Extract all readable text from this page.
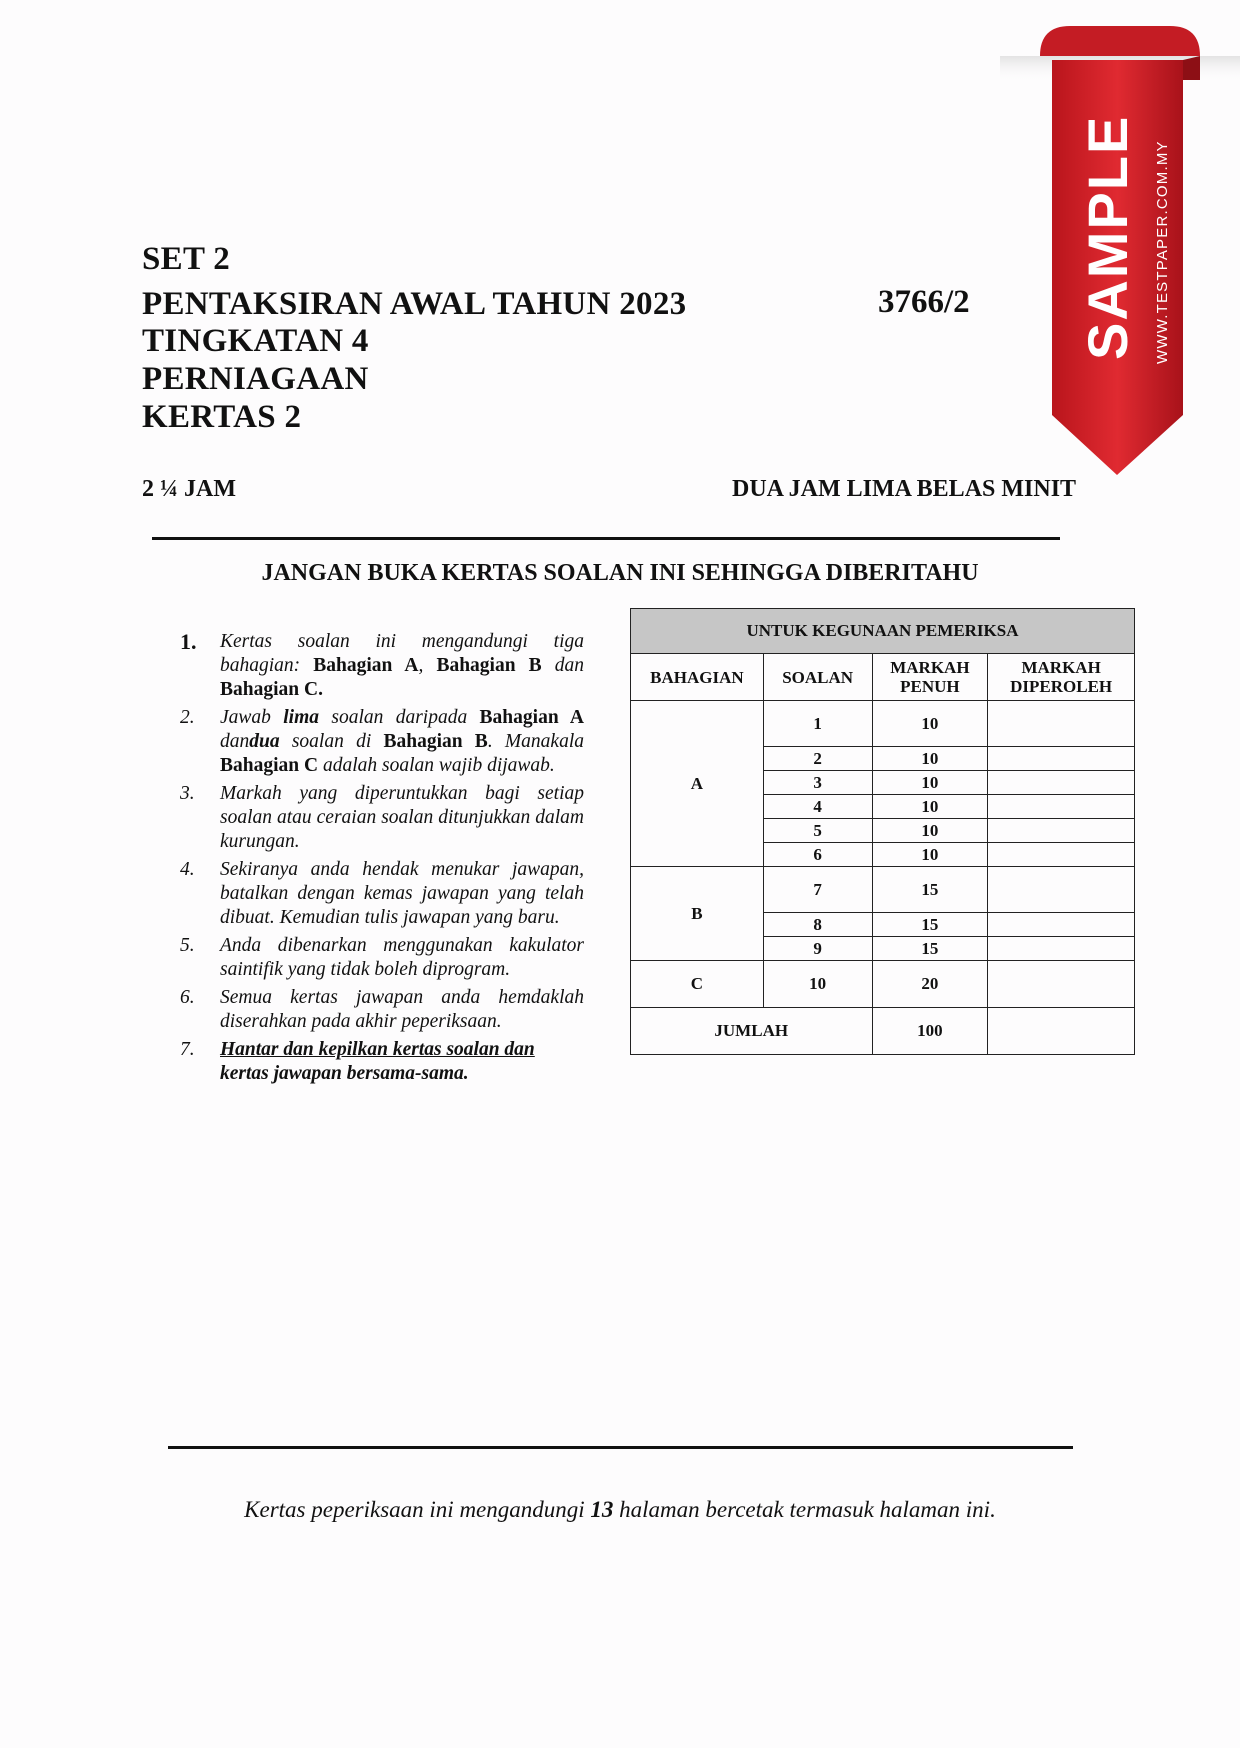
SET 2
PENTAKSIRAN AWAL TAHUN 2023	3766/2
TINGKATAN 4
PERNIAGAAN
KERTAS 2
2 ¼ JAM	DUA JAM LIMA BELAS MINIT
JANGAN BUKA KERTAS SOALAN INI SEHINGGA DIBERITAHU
1. Kertas soalan ini mengandungi tiga bahagian: Bahagian A, Bahagian B dan Bahagian C.
2. Jawab lima soalan daripada Bahagian A dandua soalan di Bahagian B. Manakala Bahagian C adalah soalan wajib dijawab.
3. Markah yang diperuntukkan bagi setiap soalan atau ceraian soalan ditunjukkan dalam kurungan.
4. Sekiranya anda hendak menukar jawapan, batalkan dengan kemas jawapan yang telah dibuat. Kemudian tulis jawapan yang baru.
5. Anda dibenarkan menggunakan kakulator saintifik yang tidak boleh diprogram.
6. Semua kertas jawapan anda hemdaklah diserahkan pada akhir peperiksaan.
7. Hantar dan kepilkan kertas soalan dan
kertas jawapan bersama-sama.
UNTUK KEGUNAAN PEMERIKSA			
BAHAGIAN	SOALAN	MARKAH PENUH	MARKAH DIPEROLEH
A	1	10	
	2	10	
	3	10	
	4	10	
	5	10	
	6	10	
B	7	15	
	8	15	
	9	15	
C	10	20	
JUMLAH		100	
Kertas peperiksaan ini mengandungi 13 halaman bercetak termasuk halaman ini.
SAMPLE WWW.TESTPAPER.COM.MY
